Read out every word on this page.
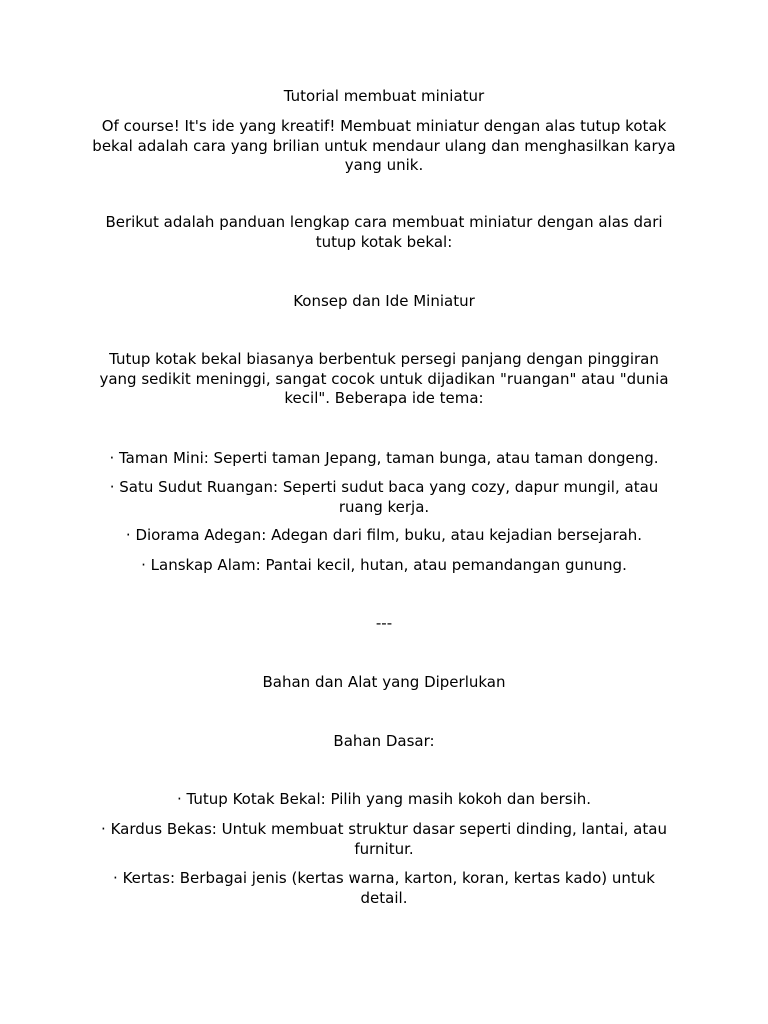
Tutorial membuat miniatur

Of course! It's ide yang kreatif! Membuat miniatur dengan alas tutup kotak bekal adalah cara yang brilian untuk mendaur ulang dan menghasilkan karya yang unik.

Berikut adalah panduan lengkap cara membuat miniatur dengan alas dari tutup kotak bekal:

Konsep dan Ide Miniatur

Tutup kotak bekal biasanya berbentuk persegi panjang dengan pinggiran yang sedikit meninggi, sangat cocok untuk dijadikan "ruangan" atau "dunia kecil". Beberapa ide tema:

· Taman Mini: Seperti taman Jepang, taman bunga, atau taman dongeng.

· Satu Sudut Ruangan: Seperti sudut baca yang cozy, dapur mungil, atau ruang kerja.

· Diorama Adegan: Adegan dari film, buku, atau kejadian bersejarah.

· Lanskap Alam: Pantai kecil, hutan, atau pemandangan gunung.

---

Bahan dan Alat yang Diperlukan

Bahan Dasar:

· Tutup Kotak Bekal: Pilih yang masih kokoh dan bersih.

· Kardus Bekas: Untuk membuat struktur dasar seperti dinding, lantai, atau furnitur.

· Kertas: Berbagai jenis (kertas warna, karton, koran, kertas kado) untuk detail.
